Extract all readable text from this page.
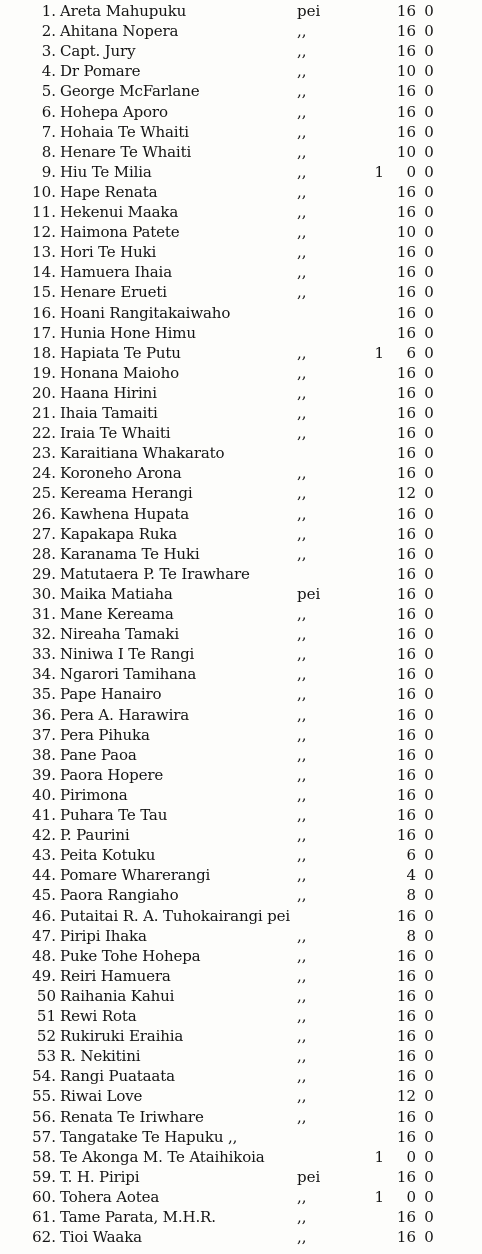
1. Areta Mahupuku	pei	16 0
2. Ahitana Nopera	,,	16 0
3. Capt. Jury	,,	16 0
4. Dr Pomare	,,	10 0
5. George McFarlane	,,	16 0
6. Hohepa Aporo	,,	16 0
7. Hohaia Te Whaiti	,,	16 0
8. Henare Te Whaiti	,,	10 0
9. Hiu Te Milia	,,	1	0 0
10. Hape Renata	,,	16 0
11. Hekenui Maaka	,,	16 0
12. Haimona Patete	,,	10 0
13. Hori Te Huki	,,	16 0
14. Hamuera Ihaia	,,	16 0
15. Henare Erueti	,,	16 0
16. Hoani Rangitakaiwaho	16 0
17. Hunia Hone Himu	16 0
18. Hapiata Te Putu	,,	1	6 0
19. Honana Maioho	,,	16 0
20. Haana Hirini	,,	16 0
21. Ihaia Tamaiti	,,	16 0
22. Iraia Te Whaiti	,,	16 0
23. Karaitiana Whakarato	16 0
24. Koroneho Arona	,,	16 0
25. Kereama Herangi	,,	12 0
26. Kawhena Hupata	,,	16 0
27. Kapakapa Ruka	,,	16 0
28. Karanama Te Huki	,,	16 0
29. Matutaera P. Te Irawhare	16 0
30. Maika Matiaha	pei	16 0
31. Mane Kereama	,,	16 0
32. Nireaha Tamaki	,,	16 0
33. Niniwa I Te Rangi	,,	16 0
34. Ngarori Tamihana	,,	16 0
35. Pape Hanairo	,,	16 0
36. Pera A. Harawira	,,	16 0
37. Pera Pihuka	,,	16 0
38. Pane Paoa	,,	16 0
39. Paora Hopere	,,	16 0
40. Pirimona	,,	16 0
41. Puhara Te Tau	,,	16 0
42. P. Paurini	,,	16 0
43. Peita Kotuku	,,	6 0
44. Pomare Wharerangi	,,	4 0
45. Paora Rangiaho	,,	8 0
46. Putaitai R. A. Tuhokairangi pei	16 0
47. Piripi Ihaka	,,	8 0
48. Puke Tohe Hohepa	,,	16 0
49. Reiri Hamuera	,,	16 0
50 Raihania Kahui	,,	16 0
51 Rewi Rota	,,	16 0
52 Rukiruki Eraihia	,,	16 0
53 R. Nekitini	,,	16 0
54. Rangi Puataata	,,	16 0
55. Riwai Love	,,	12 0
56. Renata Te Iriwhare	,,	16 0
57. Tangatake Te Hapuku ,,	16 0
58. Te Akonga M. Te Ataihikoia	1	0 0
59. T. H. Piripi	pei	16 0
60. Tohera Aotea	,,	1	0 0
61. Tame Parata, M.H.R.	,,	16 0
62. Tioi Waaka	,,	16 0
